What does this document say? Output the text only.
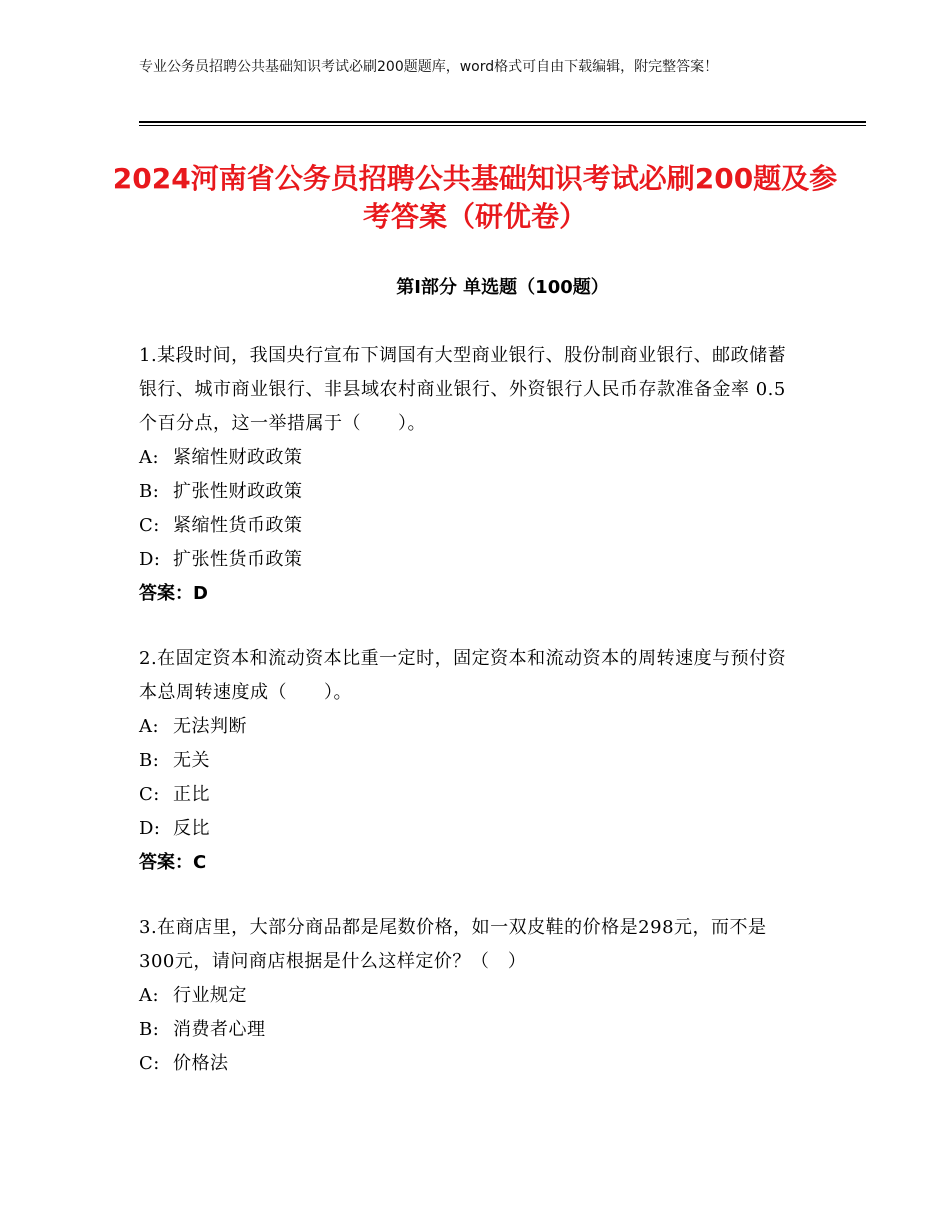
专业公务员招聘公共基础知识考试必刷200题题库，word格式可自由下载编辑，附完整答案！
2024河南省公务员招聘公共基础知识考试必刷200题及参考答案（研优卷）
第Ⅰ部分 单选题（100题）
1.某段时间，我国央行宣布下调国有大型商业银行、股份制商业银行、邮政储蓄银行、城市商业银行、非县域农村商业银行、外资银行人民币存款准备金率 0.5 个百分点，这一举措属于（　　）。
A: 紧缩性财政政策
B: 扩张性财政政策
C: 紧缩性货币政策
D: 扩张性货币政策
答案：D
2.在固定资本和流动资本比重一定时，固定资本和流动资本的周转速度与预付资本总周转速度成（　　）。
A: 无法判断
B: 无关
C: 正比
D: 反比
答案：C
3.在商店里，大部分商品都是尾数价格，如一双皮鞋的价格是298元，而不是300元，请问商店根据是什么这样定价？（　）
A: 行业规定
B: 消费者心理
C: 价格法
